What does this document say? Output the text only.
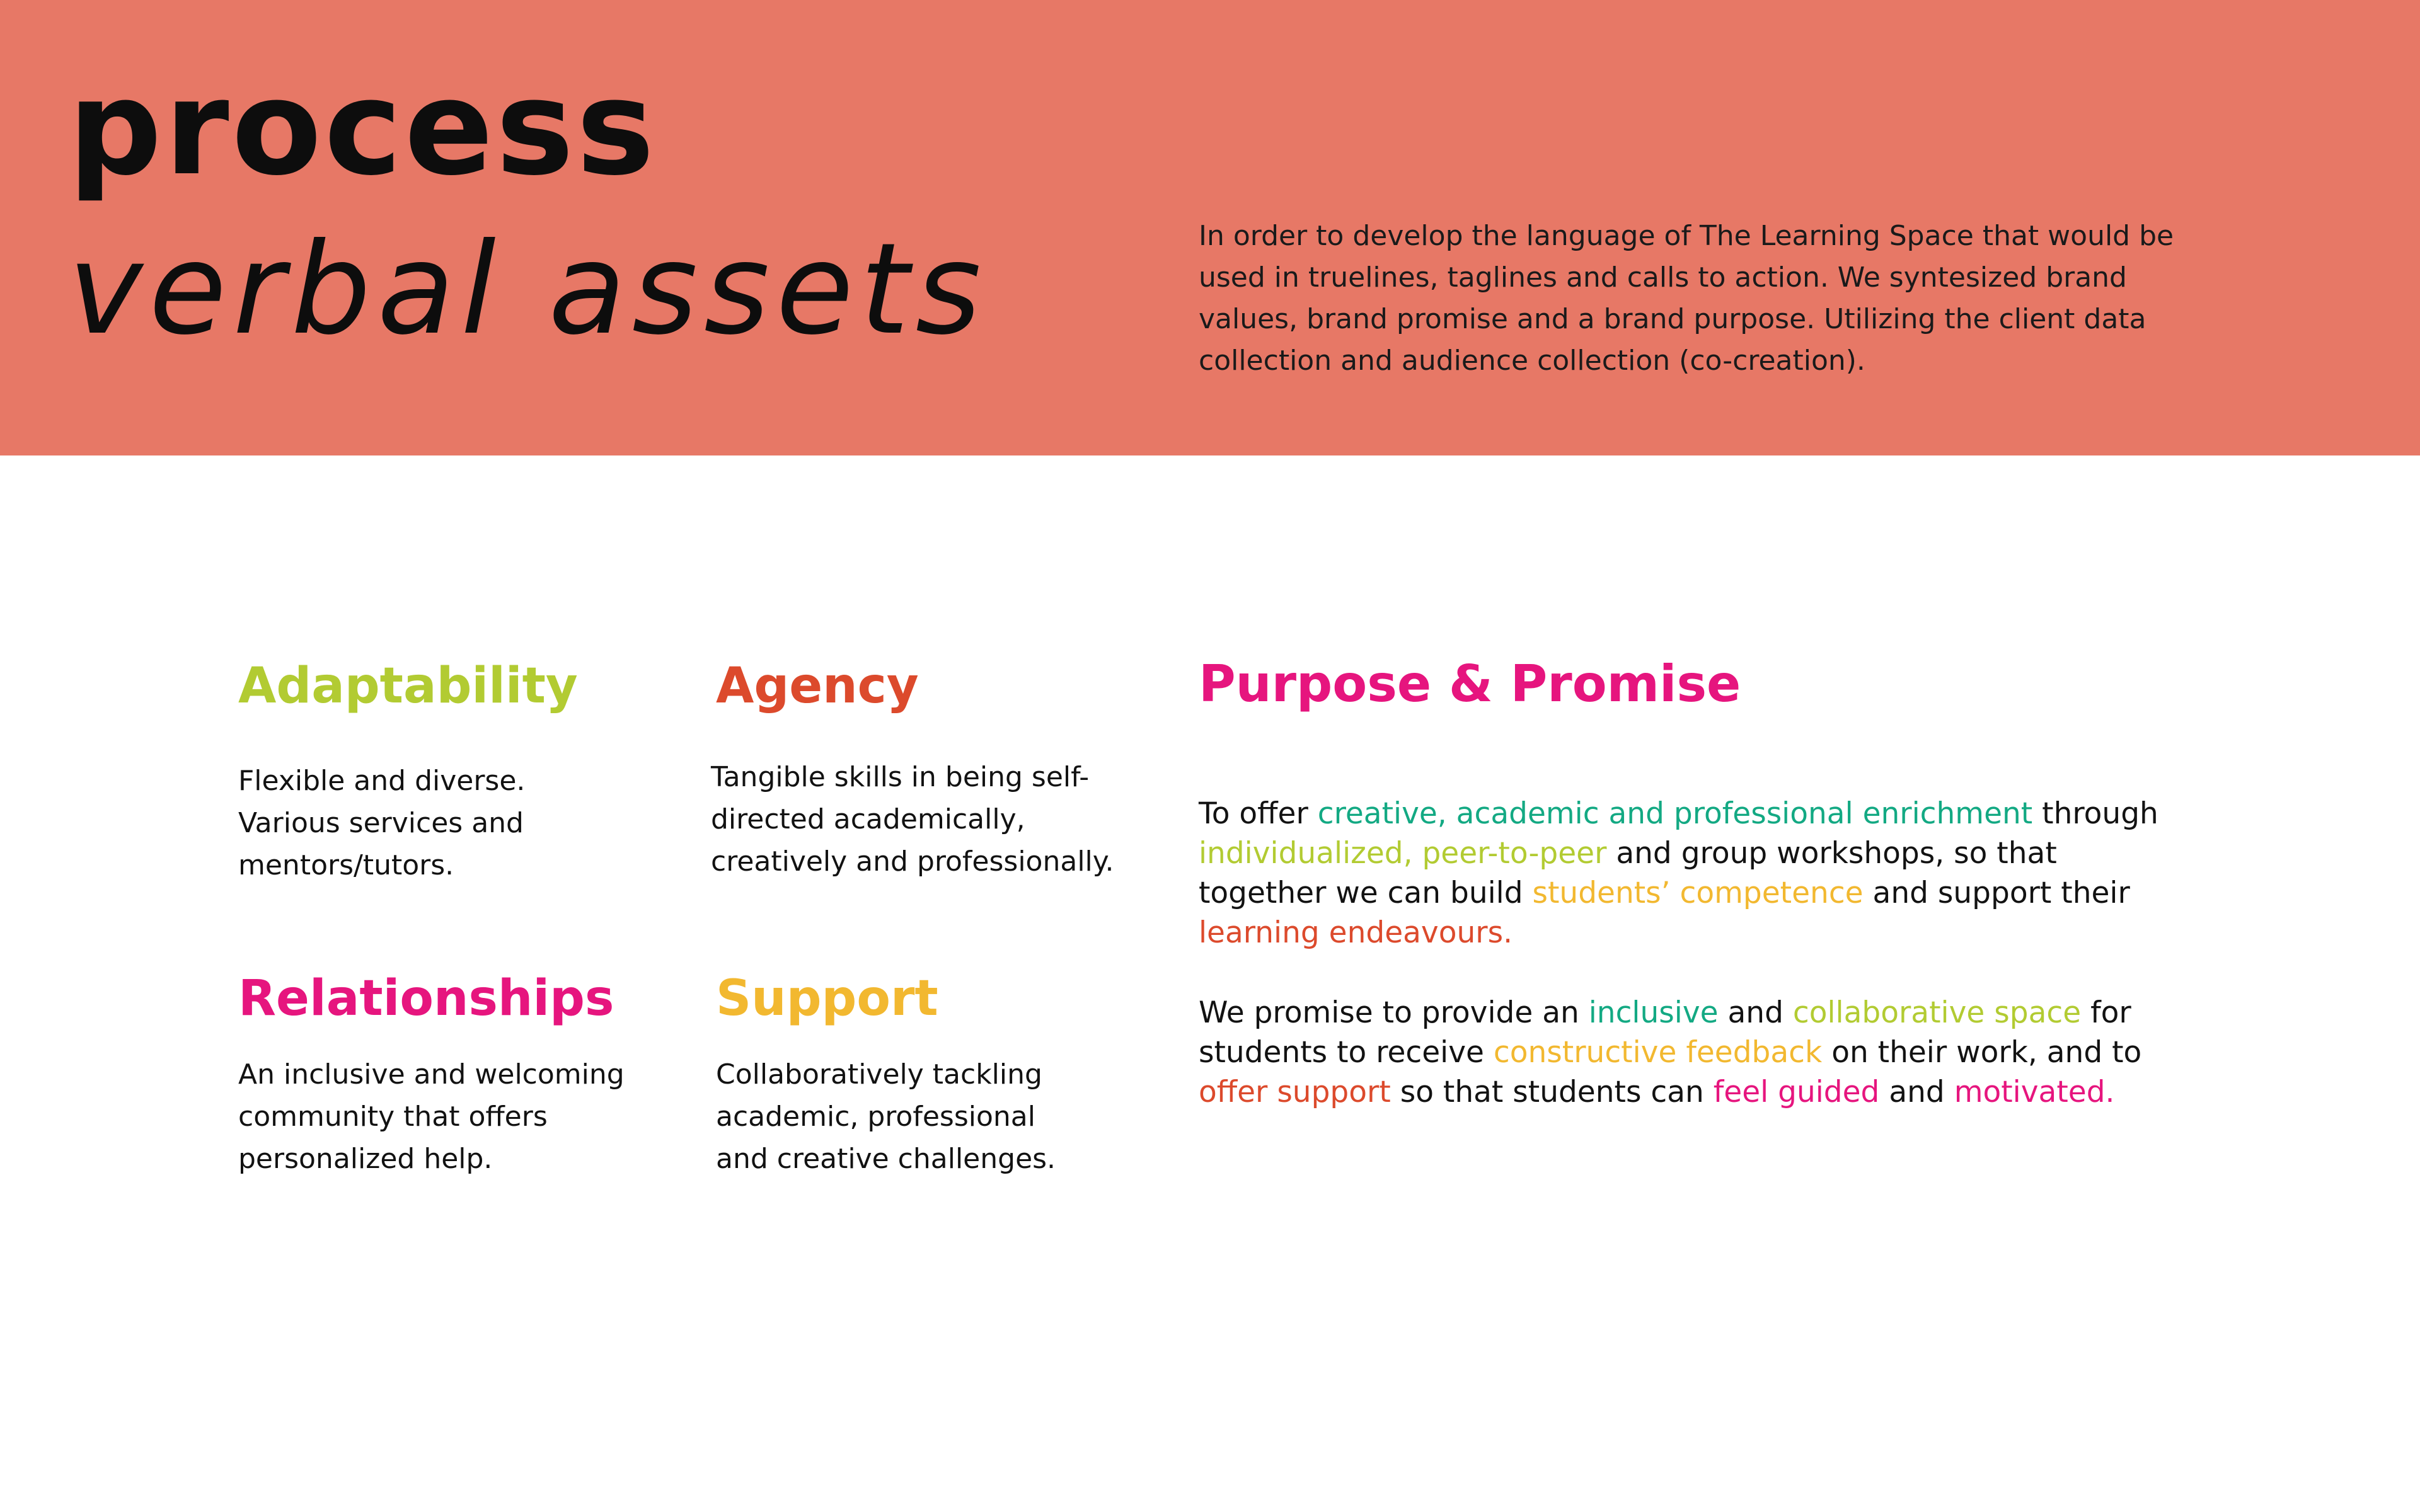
process
verbal assets	In order to develop the language of The Learning Space that would be used in truelines, taglines and calls to action. We syntesized brand values, brand promise and a brand purpose. Utilizing the client data collection and audience collection (co-creation).

Adaptability

Flexible and diverse. Various services and mentors/tutors.

Agency

Tangible skills in being self-directed academically, creatively and professionally.

Relationships

An inclusive and welcoming community that offers personalized help.

Support

Collaboratively tackling academic, professional and creative challenges.

Purpose & Promise

To offer creative, academic and professional enrichment through individualized, peer-to-peer and group workshops, so that together we can build students’ competence and support their learning endeavours.

We promise to provide an inclusive and collaborative space for students to receive constructive feedback on their work, and to offer support so that students can feel guided and motivated.
